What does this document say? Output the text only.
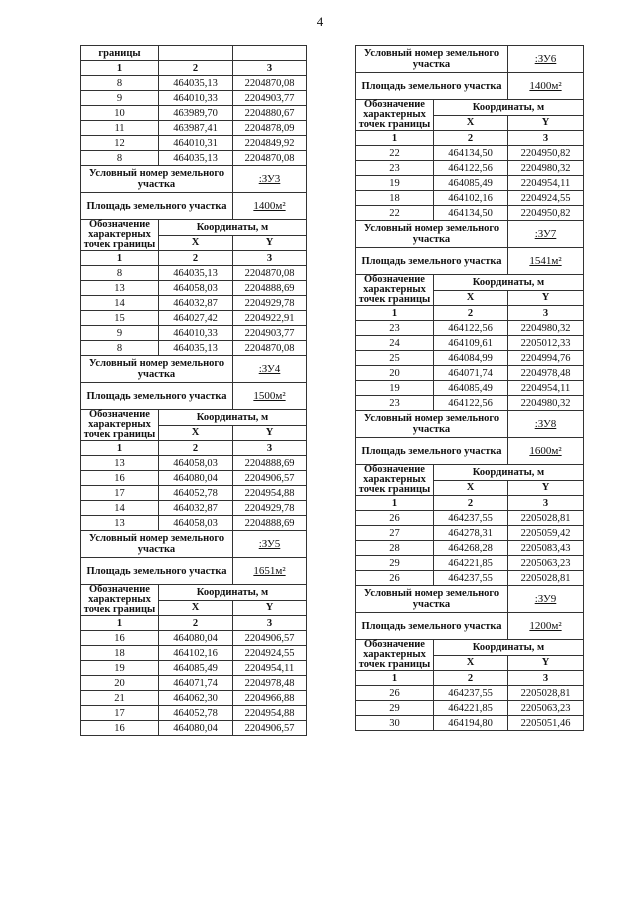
4
границы		
1	2	3
8	464035,13	2204870,08
9	464010,33	2204903,77
10	463989,70	2204880,67
11	463987,41	2204878,09
12	464010,31	2204849,92
8	464035,13	2204870,08
Условный номер земельного участка		:ЗУ3
Площадь земельного участка		1400м²
Обозначение характерных точек границы	Координаты, м	
	X	Y
1	2	3
8	464035,13	2204870,08
13	464058,03	2204888,69
14	464032,87	2204929,78
15	464027,42	2204922,91
9	464010,33	2204903,77
8	464035,13	2204870,08
Условный номер земельного участка		:ЗУ4
Площадь земельного участка		1500м²
Обозначение характерных точек границы	Координаты, м	
	X	Y
1	2	3
13	464058,03	2204888,69
16	464080,04	2204906,57
17	464052,78	2204954,88
14	464032,87	2204929,78
13	464058,03	2204888,69
Условный номер земельного участка		:ЗУ5
Площадь земельного участка		1651м²
Обозначение характерных точек границы	Координаты, м	
	X	Y
1	2	3
16	464080,04	2204906,57
18	464102,16	2204924,55
19	464085,49	2204954,11
20	464071,74	2204978,48
21	464062,30	2204966,88
17	464052,78	2204954,88
16	464080,04	2204906,57
Условный номер земельного участка		:ЗУ6
Площадь земельного участка		1400м²
Обозначение характерных точек границы	Координаты, м	
	X	Y
1	2	3
22	464134,50	2204950,82
23	464122,56	2204980,32
19	464085,49	2204954,11
18	464102,16	2204924,55
22	464134,50	2204950,82
Условный номер земельного участка		:ЗУ7
Площадь земельного участка		1541м²
Обозначение характерных точек границы	Координаты, м	
	X	Y
1	2	3
23	464122,56	2204980,32
24	464109,61	2205012,33
25	464084,99	2204994,76
20	464071,74	2204978,48
19	464085,49	2204954,11
23	464122,56	2204980,32
Условный номер земельного участка		:ЗУ8
Площадь земельного участка		1600м²
Обозначение характерных точек границы	Координаты, м	
	X	Y
1	2	3
26	464237,55	2205028,81
27	464278,31	2205059,42
28	464268,28	2205083,43
29	464221,85	2205063,23
26	464237,55	2205028,81
Условный номер земельного участка		:ЗУ9
Площадь земельного участка		1200м²
Обозначение характерных точек границы	Координаты, м	
	X	Y
1	2	3
26	464237,55	2205028,81
29	464221,85	2205063,23
30	464194,80	2205051,46
